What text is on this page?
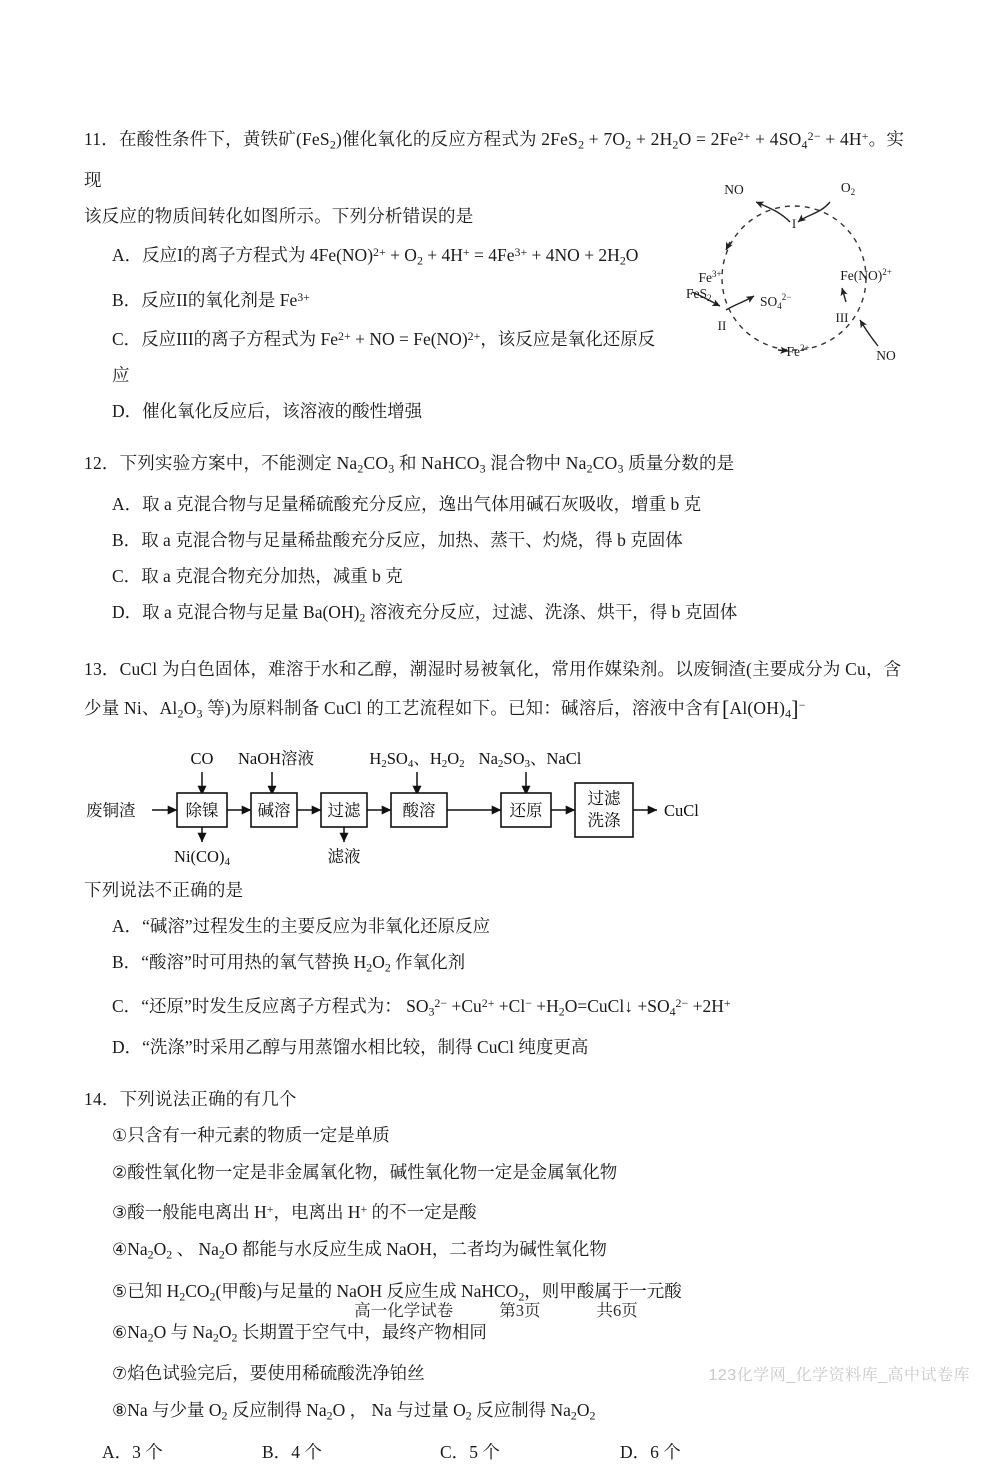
11．在酸性条件下，黄铁矿(FeS$_2$)催化氧化的反应方程式为 $2FeS_2 + 7O_2 + 2H_2O = 2Fe^{2+} + 4SO_4^{2-} + 4H^+$。实现
该反应的物质间转化如图所示。下列分析错误的是
A．反应I的离子方程式为 $4Fe(NO)^{2+} + O_2 + 4H^+ = 4Fe^{3+} + 4NO + 2H_2O$
B．反应II的氧化剂是 $Fe^{3+}$
C．反应III的离子方程式为 $Fe^{2+}$ + NO = Fe(NO)$^{2+}$，该反应是氧化还原反
应
D．催化氧化反应后，该溶液的酸性增强
NO	$O_2$
I
$Fe^{3+}$
FeS$_2$	$SO_4^{2-}$
II
$Fe^{2+}$	NO
III
Fe(NO)$^{2+}$
12．下列实验方案中，不能测定 $Na_2CO_3$ 和 NaHCO$_3$ 混合物中 $Na_2CO_3$ 质量分数的是
A．取 a 克混合物与足量稀硫酸充分反应，逸出气体用碱石灰吸收，增重 b 克
B．取 a 克混合物与足量稀盐酸充分反应，加热、蒸干、灼烧，得 b 克固体
C．取 a 克混合物充分加热，减重 b 克
D．取 a 克混合物与足量 $Ba(OH)_2$ 溶液充分反应，过滤、洗涤、烘干，得 b 克固体
13．CuCl 为白色固体，难溶于水和乙醇，潮湿时易被氧化，常用作媒染剂。以废铜渣(主要成分为 Cu，含
少量 Ni、$Al_2O_3$ 等)为原料制备 CuCl 的工艺流程如下。已知：碱溶后，溶液中含有 $[Al(OH)_4]^-$
除镍 碱溶 过滤	酸溶	还原
过滤
洗涤
废铜渣	CuCl
CO NaOH溶液	H2SO4、H2O2 Na2SO3、NaCl
Ni(CO)4	滤液
下列说法不正确的是
A．“碱溶”过程发生的主要反应为非氧化还原反应
B．“酸溶”时可用热的氧气替换 $H_2O_2$ 作氧化剂
C．“还原”时发生反应离子方程式为： $SO_3^{2-} +Cu^{2+} +Cl^-$ $+H_2O=CuCl↓ +SO_4^{2-} +2H^+$
D．“洗涤”时采用乙醇与用蒸馏水相比较，制得 CuCl 纯度更高
14．下列说法正确的有几个
①只含有一种元素的物质一定是单质
②酸性氧化物一定是非金属氧化物，碱性氧化物一定是金属氧化物
③酸一般能电离出 H+，电离出 H+ 的不一定是酸
$④Na_2O_2$ 、 $Na_2O$ 都能与水反应生成 NaOH，二者均为碱性氧化物
⑤已知 $H_2CO_2$(甲酸)与足量的 NaOH 反应生成 NaHCO$_2$，则甲酸属于一元酸
$⑥Na_2O$ 与 $Na_2O_2$ 长期置于空气中，最终产物相同
⑦焰色试验完后，要使用稀硫酸洗净铂丝
⑧Na 与少量 $O_2$ 反应制得 $Na_2O$ ， Na 与过量 $O_2$ 反应制得 $Na_2O_2$
A．3 个	B．4 个	C．5 个	D．6 个
高一化学试卷	第3页	共6页
123化学网_化学资料库_高中试卷库
